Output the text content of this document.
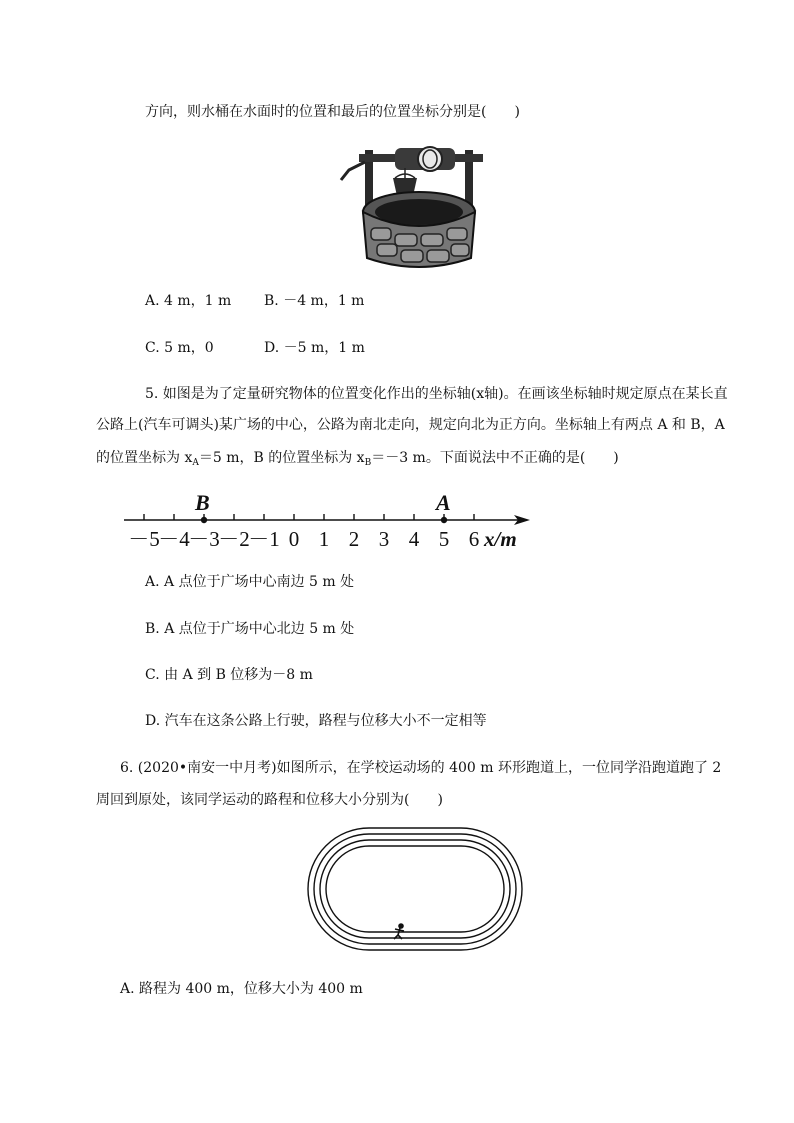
方向，则水桶在水面时的位置和最后的位置坐标分别是(　　)
A. 4 m，1 m B. －4 m，1 m
C. 5 m，0	D. －5 m，1 m
5. 如图是为了定量研究物体的位置变化作出的坐标轴(x轴)。在画该坐标轴时规定原点在某长直
公路上(汽车可调头)某广场的中心，公路为南北走向，规定向北为正方向。坐标轴上有两点 A 和 B，A
的位置坐标为 $x_A=5$ m，B 的位置坐标为 $x_B=-3$ m。下面说法中不正确的是(　　)
－5
－4
－3
－2
－1 0 1 2 3 4 5 6
B	A
x/m
A. A 点位于广场中心南边 5 m 处
B. A 点位于广场中心北边 5 m 处
C. 由 A 到 B 位移为－8 m
D. 汽车在这条公路上行驶，路程与位移大小不一定相等
6. (2020•南安一中月考)如图所示，在学校运动场的 400 m 环形跑道上，一位同学沿跑道跑了 2
周回到原处，该同学运动的路程和位移大小分别为(　　)
A. 路程为 400 m，位移大小为 400 m
